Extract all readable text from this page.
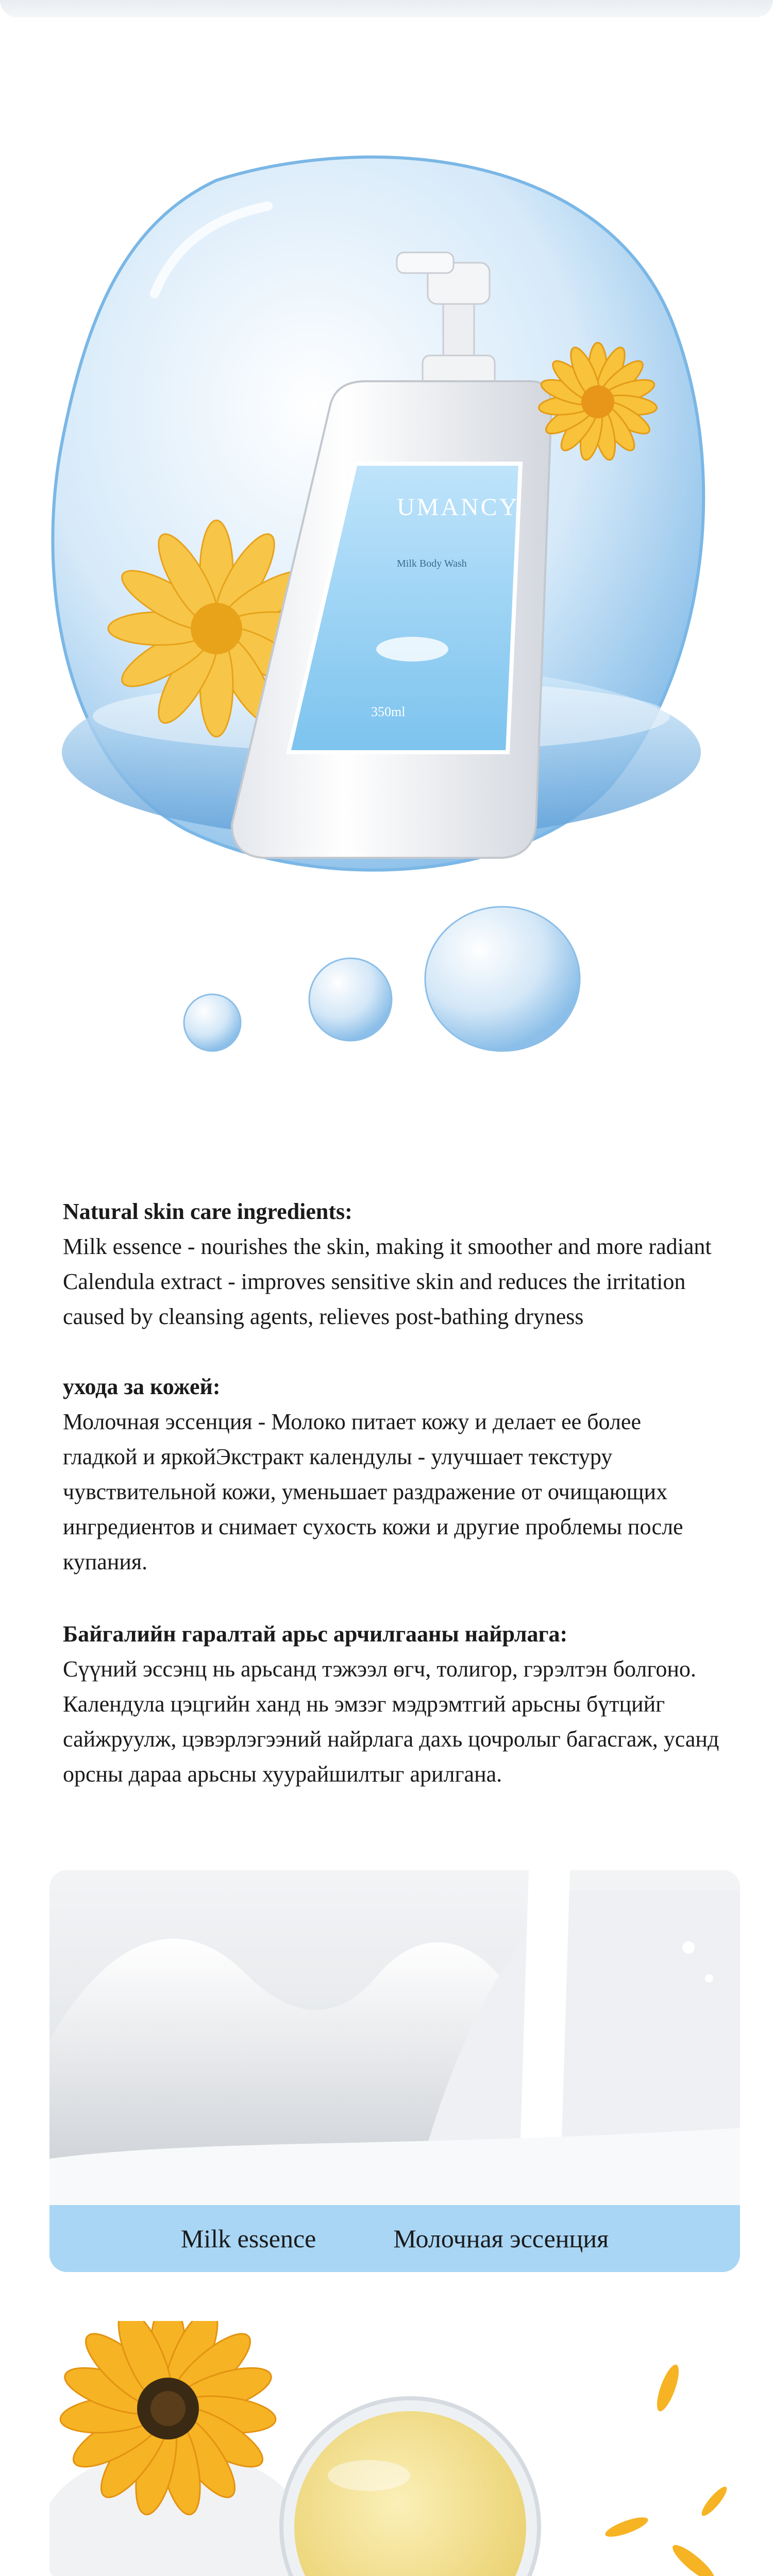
UMANCY
Milk Body Wash
350ml

Natural skin care ingredients:

Milk essence - nourishes the skin, making it smoother and more radiant

Calendula extract - improves sensitive skin and reduces the irritation

caused by cleansing agents, relieves post-bathing dryness

ухода за кожей:

Молочная эссенция - Молоко питает кожу и делает ее более

гладкой и яркойЭкстракт календулы - улучшает текстуру

чувствительной кожи, уменьшает раздражение от очищающих

ингредиентов и снимает сухость кожи и другие проблемы после

купания.

Байгалийн гаралтай арьс арчилгааны найрлага:

Сүүний эссэнц нь арьсанд тэжээл өгч, толигор, гэрэлтэн болгоно.

Календула цэцгийн ханд нь эмзэг мэдрэмтгий арьсны бүтцийг

сайжруулж, цэвэрлэгээний найрлага дахь цочролыг багасгаж, усанд

орсны дараа арьсны хуурайшилтыг арилгана.

Milk essence	Молочная эссенция
